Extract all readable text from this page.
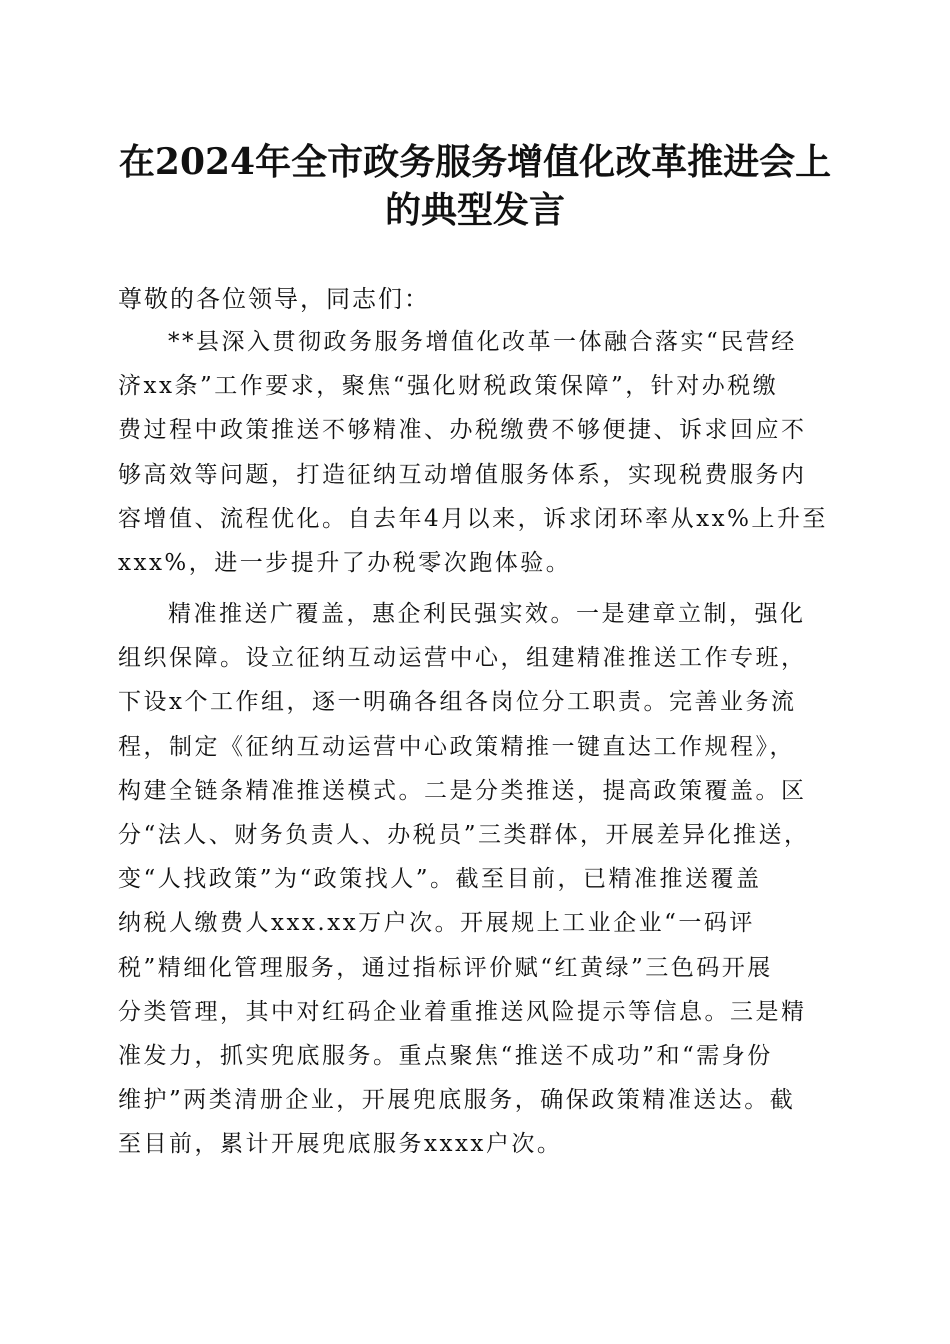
在2024年全市政务服务增值化改革推进会上
的典型发言

尊敬的各位领导，同志们：

**县深入贯彻政务服务增值化改革一体融合落实“民营经
济xx条”工作要求，聚焦“强化财税政策保障”，针对办税缴
费过程中政策推送不够精准、办税缴费不够便捷、诉求回应不
够高效等问题，打造征纳互动增值服务体系，实现税费服务内
容增值、流程优化。自去年4月以来，诉求闭环率从xx%上升至
xxx%，进一步提升了办税零次跑体验。

精准推送广覆盖，惠企利民强实效。一是建章立制，强化
组织保障。设立征纳互动运营中心，组建精准推送工作专班，
下设x个工作组，逐一明确各组各岗位分工职责。完善业务流
程，制定《征纳互动运营中心政策精推一键直达工作规程》，
构建全链条精准推送模式。二是分类推送，提高政策覆盖。区
分“法人、财务负责人、办税员”三类群体，开展差异化推送，
变“人找政策”为“政策找人”。截至目前，已精准推送覆盖
纳税人缴费人xxx.xx万户次。开展规上工业企业“一码评
税”精细化管理服务，通过指标评价赋“红黄绿”三色码开展
分类管理，其中对红码企业着重推送风险提示等信息。三是精
准发力，抓实兜底服务。重点聚焦“推送不成功”和“需身份
维护”两类清册企业，开展兜底服务，确保政策精准送达。截
至目前，累计开展兜底服务xxxx户次。
